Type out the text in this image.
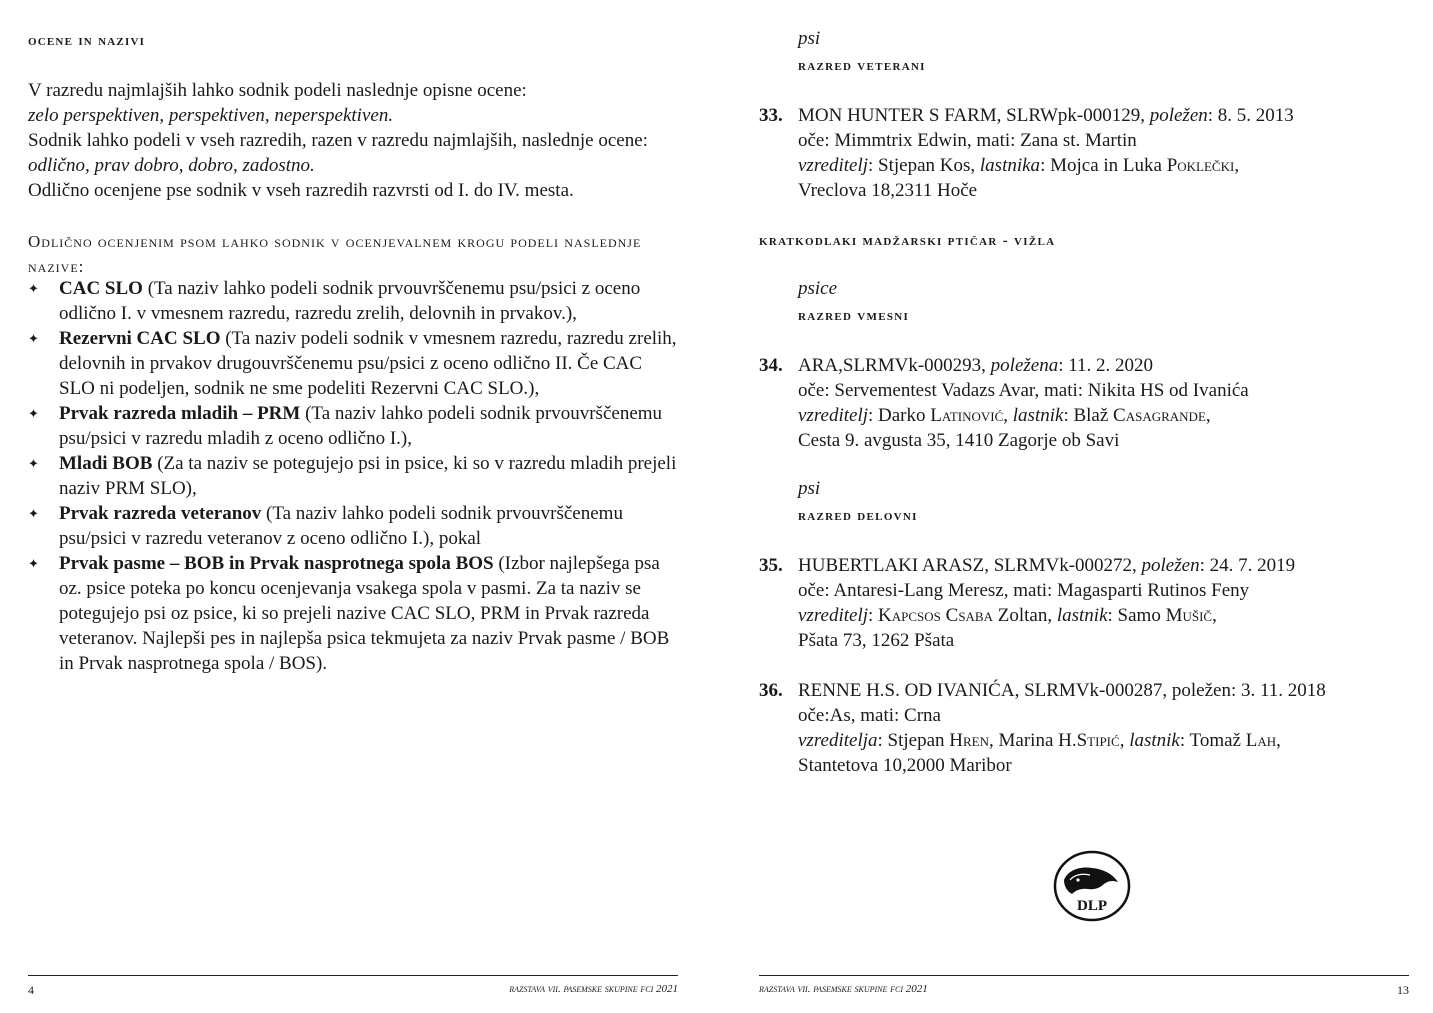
ocene in nazivi
V razredu najmlajših lahko sodnik podeli naslednje opisne ocene:
zelo perspektiven, perspektiven, neperspektiven.
Sodnik lahko podeli v vseh razredih, razen v razredu najmlajših, naslednje ocene:
odlično, prav dobro, dobro, zadostno.
Odlično ocenjene pse sodnik v vseh razredih razvrsti od I. do IV. mesta.
Odlično ocenjenim psom lahko sodnik v ocenjevalnem krogu podeli naslednje nazive:
✦ CAC SLO (Ta naziv lahko podeli sodnik prvouvrščenemu psu/psici z oceno odlično I. v vmesnem razredu, razredu zrelih, delovnih in prvakov.),
✦ Rezervni CAC SLO (Ta naziv podeli sodnik v vmesnem razredu, razredu zrelih, delovnih in prvakov drugouvrščenemu psu/psici z oceno odlično II. Če CAC SLO ni podeljen, sodnik ne sme podeliti Rezervni CAC SLO.),
✦ Prvak razreda mladih – PRM (Ta naziv lahko podeli sodnik prvouvrščenemu psu/psici v razredu mladih z oceno odlično I.),
✦ Mladi BOB (Za ta naziv se potegujejo psi in psice, ki so v razredu mladih prejeli naziv PRM SLO),
✦ Prvak razreda veteranov (Ta naziv lahko podeli sodnik prvouvrščenemu psu/psici v razredu veteranov z oceno odlično I.), pokal
✦ Prvak pasme – BOB in Prvak nasprotnega spola BOS (Izbor najlepšega psa oz. psice poteka po koncu ocenjevanja vsakega spola v pasmi. Za ta naziv se potegujejo psi oz psice, ki so prejeli nazive CAC SLO, PRM in Prvak razreda veteranov. Najlepši pes in najlepša psica tekmujeta za naziv Prvak pasme / BOB in Prvak nasprotnega spola / BOS).
4	razstava vii. pasemske skupine fci 2021
psi
razred veterani
33. MON HUNTER S FARM, SLRWpk-000129, poležen: 8. 5. 2013
oče: Mimmtrix Edwin, mati: Zana st. Martin
vzreditelj: Stjepan Kos, lastnika: Mojca in Luka Poklečki,
Vreclova 18,2311 Hoče
kratkodlaki madžarski ptičar - vižla
psice
razred vmesni
34. ARA,SLRMVk-000293, poležena: 11. 2. 2020
oče: Servementest Vadazs Avar, mati: Nikita HS od Ivanića
vzreditelj: Darko Latinović, lastnik: Blaž Casagrande,
Cesta 9. avgusta 35, 1410 Zagorje ob Savi
psi
razred delovni
35. HUBERTLAKI ARASZ, SLRMVk-000272, poležen: 24. 7. 2019
oče: Antaresi-Lang Meresz, mati: Magasparti Rutinos Feny
vzreditelj: Kapcsos Csaba Zoltan, lastnik: Samo Mušič,
Pšata 73, 1262 Pšata
36. RENNE H.S. OD IVANIĆA, SLRMVk-000287, poležen: 3. 11. 2018
oče:As, mati: Crna
vzreditelja: Stjepan Hren, Marina H.Stipić, lastnik: Tomaž Lah,
Stantetova 10,2000 Maribor
razstava vii. pasemske skupine fci 2021	13
DLP
